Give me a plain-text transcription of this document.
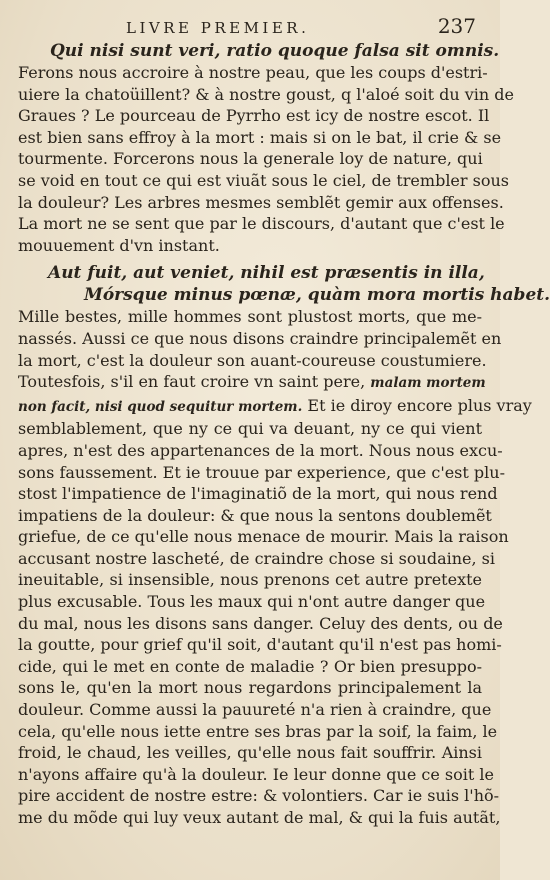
LIVRE PREMIER.	237
Qui nisi sunt veri, ratio quoque falsa sit omnis.
Ferons nous accroire à nostre peau, que les coups d'estri-
uiere la chatoüillent? & à nostre goust, q l'aloé soit du vin de
Graues ? Le pourceau de Pyrrho est icy de nostre escot. Il
est bien sans effroy à la mort : mais si on le bat, il crie & se
tourmente. Forcerons nous la generale loy de nature, qui
se void en tout ce qui est viuãt sous le ciel, de trembler sous
la douleur? Les arbres mesmes semblẽt gemir aux offenses.
La mort ne se sent que par le discours, d'autant que c'est le
mouuement d'vn instant.
Aut fuit, aut veniet, nihil est præsentis in illa,
Mórsque minus pœnæ, quàm mora mortis habet.
Mille bestes, mille hommes sont plustost morts, que me-
nassés. Aussi ce que nous disons craindre principalemẽt en
la mort, c'est la douleur son auant-coureuse coustumiere.
Toutesfois, s'il en faut croire vn saint pere, malam mortem
non facit, nisi quod sequitur mortem. Et ie diroy encore plus vray
semblablement, que ny ce qui va deuant, ny ce qui vient
apres, n'est des appartenances de la mort. Nous nous excu-
sons faussement. Et ie trouue par experience, que c'est plu-
stost l'impatience de l'imaginatiõ de la mort, qui nous rend
impatiens de la douleur: & que nous la sentons doublemẽt
griefue, de ce qu'elle nous menace de mourir. Mais la raison
accusant nostre lascheté, de craindre chose si soudaine, si
ineuitable, si insensible, nous prenons cet autre pretexte
plus excusable. Tous les maux qui n'ont autre danger que
du mal, nous les disons sans danger. Celuy des dents, ou de
la goutte, pour grief qu'il soit, d'autant qu'il n'est pas homi-
cide, qui le met en conte de maladie ? Or bien presuppo-
sons le, qu'en la mort nous regardons principalement la
douleur. Comme aussi la pauureté n'a rien à craindre, que
cela, qu'elle nous iette entre ses bras par la soif, la faim, le
froid, le chaud, les veilles, qu'elle nous fait souffrir. Ainsi
n'ayons affaire qu'à la douleur. Ie leur donne que ce soit le
pire accident de nostre estre: & volontiers. Car ie suis l'hõ-
me du mõde qui luy veux autant de mal, & qui la fuis autãt,
